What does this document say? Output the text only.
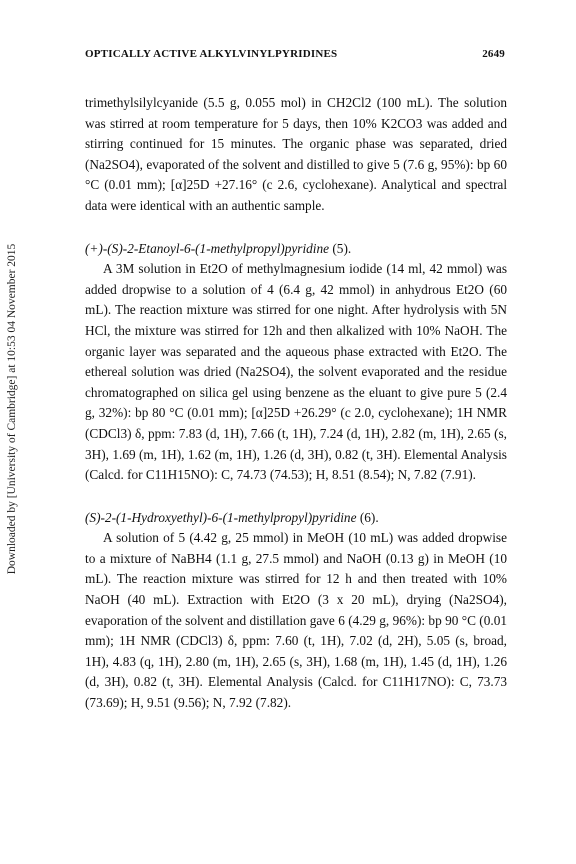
OPTICALLY ACTIVE ALKYLVINYLPYRIDINES	2649
Downloaded by [University of Cambridge] at 10:53 04 November 2015

trimethylsilylcyanide (5.5 g, 0.055 mol) in CH2Cl2 (100 mL). The solution was stirred at room temperature for 5 days, then 10% K2CO3 was added and stirring continued for 15 minutes. The organic phase was separated, dried (Na2SO4), evaporated of the solvent and distilled to give 5 (7.6 g, 95%): bp 60 °C (0.01 mm); [α]25D +27.16° (c 2.6, cyclohexane). Analytical and spectral data were identical with an authentic sample.

(+)-(S)-2-Etanoyl-6-(1-methylpropyl)pyridine (5).

A 3M solution in Et2O of methylmagnesium iodide (14 ml, 42 mmol) was added dropwise to a solution of 4 (6.4 g, 42 mmol) in anhydrous Et2O (60 mL). The reaction mixture was stirred for one night. After hydrolysis with 5N HCl, the mixture was stirred for 12h and then alkalized with 10% NaOH. The organic layer was separated and the aqueous phase extracted with Et2O. The ethereal solution was dried (Na2SO4), the solvent evaporated and the residue chromatographed on silica gel using benzene as the eluant to give pure 5 (2.4 g, 32%): bp 80 °C (0.01 mm); [α]25D +26.29° (c 2.0, cyclohexane); 1H NMR (CDCl3) δ, ppm: 7.83 (d, 1H), 7.66 (t, 1H), 7.24 (d, 1H), 2.82 (m, 1H), 2.65 (s, 3H), 1.69 (m, 1H), 1.62 (m, 1H), 1.26 (d, 3H), 0.82 (t, 3H). Elemental Analysis (Calcd. for C11H15NO): C, 74.73 (74.53); H, 8.51 (8.54); N, 7.82 (7.91).

(S)-2-(1-Hydroxyethyl)-6-(1-methylpropyl)pyridine (6).

A solution of 5 (4.42 g, 25 mmol) in MeOH (10 mL) was added dropwise to a mixture of NaBH4 (1.1 g, 27.5 mmol) and NaOH (0.13 g) in MeOH (10 mL). The reaction mixture was stirred for 12 h and then treated with 10% NaOH (40 mL). Extraction with Et2O (3 x 20 mL), drying (Na2SO4), evaporation of the solvent and distillation gave 6 (4.29 g, 96%): bp 90 °C (0.01 mm); 1H NMR (CDCl3) δ, ppm: 7.60 (t, 1H), 7.02 (d, 2H), 5.05 (s, broad, 1H), 4.83 (q, 1H), 2.80 (m, 1H), 2.65 (s, 3H), 1.68 (m, 1H), 1.45 (d, 1H), 1.26 (d, 3H), 0.82 (t, 3H). Elemental Analysis (Calcd. for C11H17NO): C, 73.73 (73.69); H, 9.51 (9.56); N, 7.92 (7.82).
